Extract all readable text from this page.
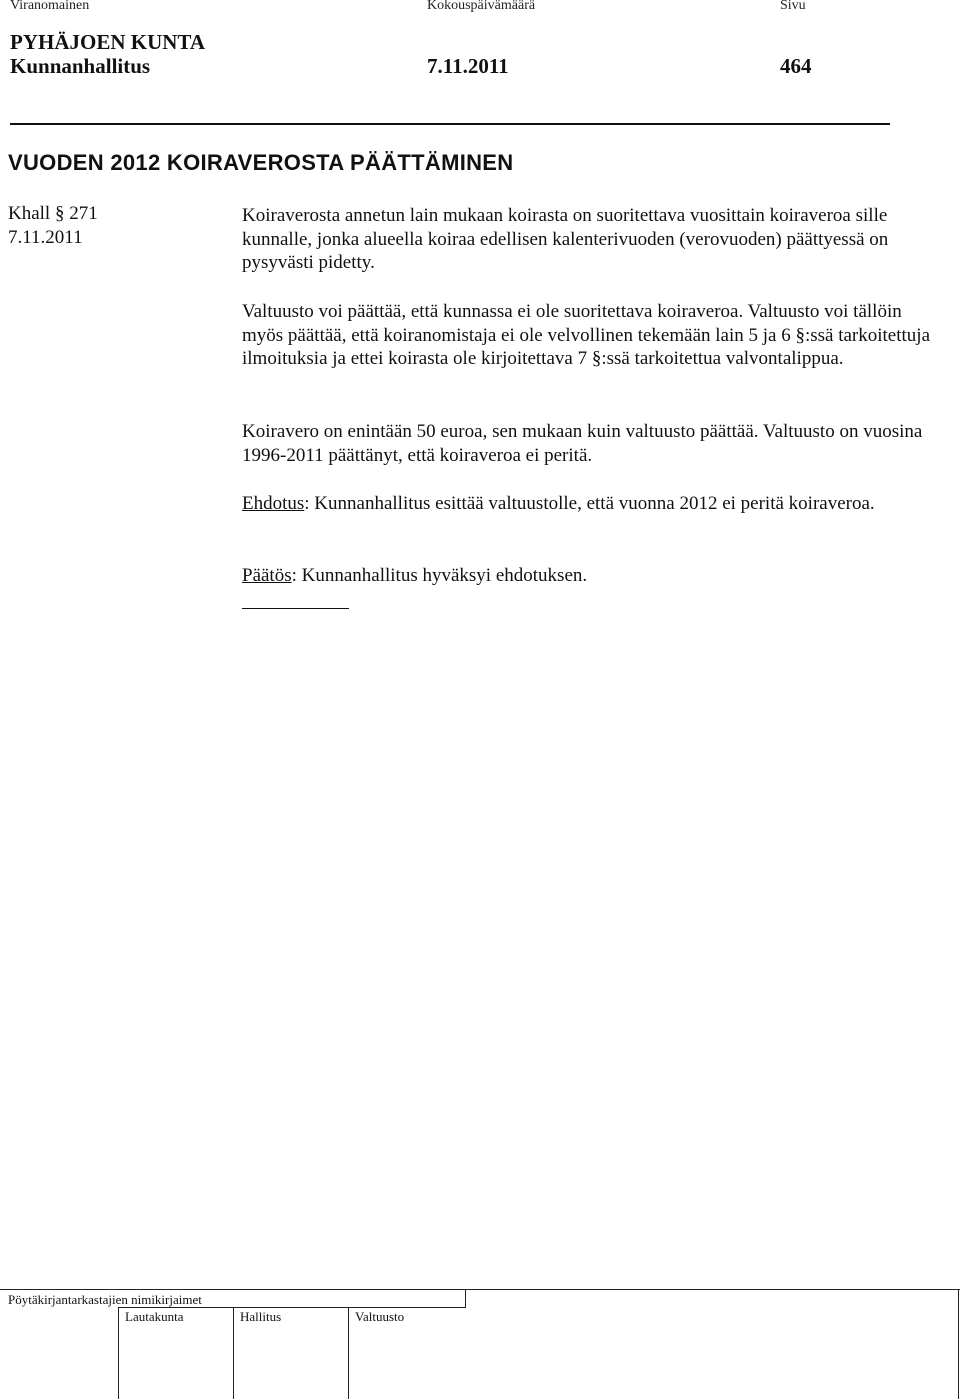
Viranomainen	Kokouspäivämäärä	Sivu
PYHÄJOEN KUNTA
Kunnanhallitus	7.11.2011	464
VUODEN 2012 KOIRAVEROSTA PÄÄTTÄMINEN
Khall § 271
7.11.2011

Koiraverosta annetun lain mukaan koirasta on suoritettava vuosittain koiraveroa sille kunnalle, jonka alueella koiraa edellisen kalenterivuoden (verovuoden) päättyessä on pysyvästi pidetty.

Valtuusto voi päättää, että kunnassa ei ole suoritettava koiraveroa. Valtuusto voi tällöin myös päättää, että koiranomistaja ei ole velvollinen tekemään lain 5 ja 6 §:ssä tarkoitettuja ilmoituksia ja ettei koirasta ole kirjoitettava 7 §:ssä tarkoitettua valvontalippua.

Koiravero on enintään 50 euroa, sen mukaan kuin valtuusto päättää. Valtuusto on vuosina 1996-2011 päättänyt, että koiraveroa ei peritä.

Ehdotus: Kunnanhallitus esittää valtuustolle, että vuonna 2012 ei peritä koiraveroa.

Päätös: Kunnanhallitus hyväksyi ehdotuksen.

Pöytäkirjantarkastajien nimikirjaimet
Lautakunta	Hallitus	Valtuusto
